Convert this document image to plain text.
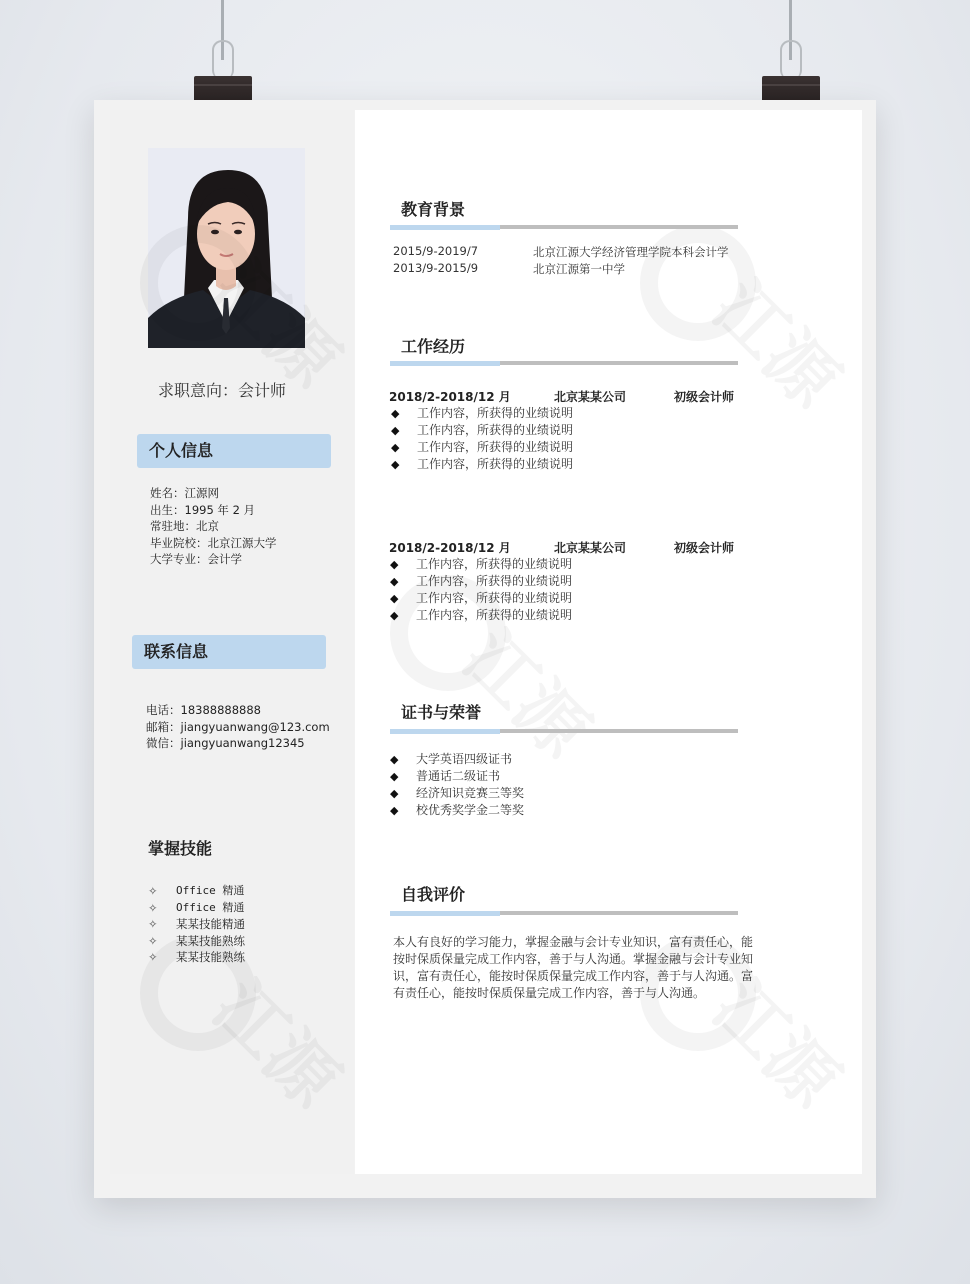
求职意向：会计师
个人信息
姓名：江源网
出生：1995 年 2 月
常驻地：北京
毕业院校：北京江源大学
大学专业：会计学
联系信息
电话：18388888888
邮箱：jiangyuanwang@123.com
微信：jiangyuanwang12345
掌握技能
✧	Office 精通
✧	Office 精通
✧	某某技能精通
✧	某某技能熟练
✧	某某技能熟练
教育背景
2015/9-2019/7	北京江源大学经济管理学院本科会计学
2013/9-2015/9	北京江源第一中学
工作经历
2018/2-2018/12 月	北京某某公司	初级会计师
◆	工作内容，所获得的业绩说明
◆	工作内容，所获得的业绩说明
◆	工作内容，所获得的业绩说明
◆	工作内容，所获得的业绩说明
2018/2-2018/12 月	北京某某公司	初级会计师
◆	工作内容，所获得的业绩说明
◆	工作内容，所获得的业绩说明
◆	工作内容，所获得的业绩说明
◆	工作内容，所获得的业绩说明
证书与荣誉
◆	大学英语四级证书
◆	普通话二级证书
◆	经济知识竞赛三等奖
◆	校优秀奖学金二等奖
自我评价

本人有良好的学习能力，掌握金融与会计专业知识，富有责任心，能按时保质保量完成工作内容，善于与人沟通。掌握金融与会计专业知识，富有责任心，能按时保质保量完成工作内容，善于与人沟通。富有责任心，能按时保质保量完成工作内容，善于与人沟通。
